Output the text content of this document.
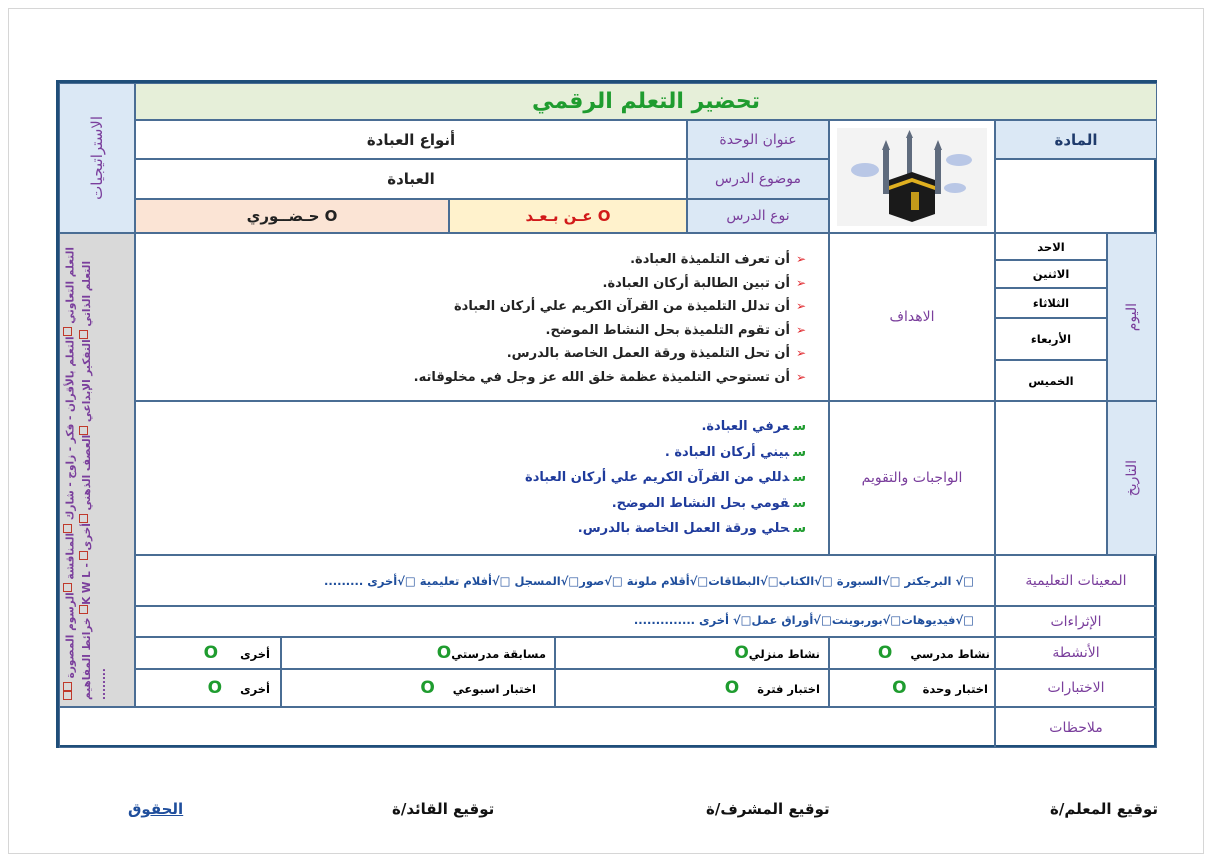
تحضير التعلم الرقمي
الاستراتيجيات
التعلم التعاوني التعلم بالأقران - فكر - زاوج - شارك المناقشة الرسوم المصورة خرائط المفاهيم K W L - التعلم الذاتي التفكير الإبداعي العصف الذهني أخرى ........
أنواع العبادة	عنوان الوحدة
العبادة	موضوع الدرس
حـضــوري O	عـن بـعـد O	نوع الدرس
المادة
➢أن تعرف التلميذة العبادة.
➢أن تبين الطالبة أركان العبادة.
➢أن تدلل التلميذة من القرآن الكريم علي أركان العبادة
➢أن تقوم التلميذة بحل النشاط الموضح.
➢أن تحل التلميذة ورقة العمل الخاصة بالدرس.
➢أن تستوحي التلميذة عظمة خلق الله عز وجل في مخلوقاته.
الاهداف
الاحد
الاثنين
الثلاثاء
الأربعاء
الخميس
اليوم
سعرفي العبادة.
سبيني أركان العبادة .
سدللي من القرآن الكريم علي أركان العبادة
سقومي بحل النشاط الموضح.
سحلي ورقة العمل الخاصة بالدرس.
الواجبات والتقويم	التاريخ
□√ البرجكتر □√السبورة □√الكتاب□√البطاقات□√أقلام ملونة □√صور□√المسجل □√أفلام تعليمية □√أخرى .........	المعينات التعليمية
□√فيديوهات□√بوربوينت□√أوراق عمل□√ أخرى ..............	الإثراءات
أخرى O	مسابقة مدرستيO	نشاط منزليO	نشاط مدرسي O	الأنشطة
أخرى O	اختبار اسبوعي O	اختبار فترة O	اختبار وحدة O	الاختبارات
ملاحظات
توقيع المعلم/ة
توقيع المشرف/ة
توقيع القائد/ة
الحقوق
